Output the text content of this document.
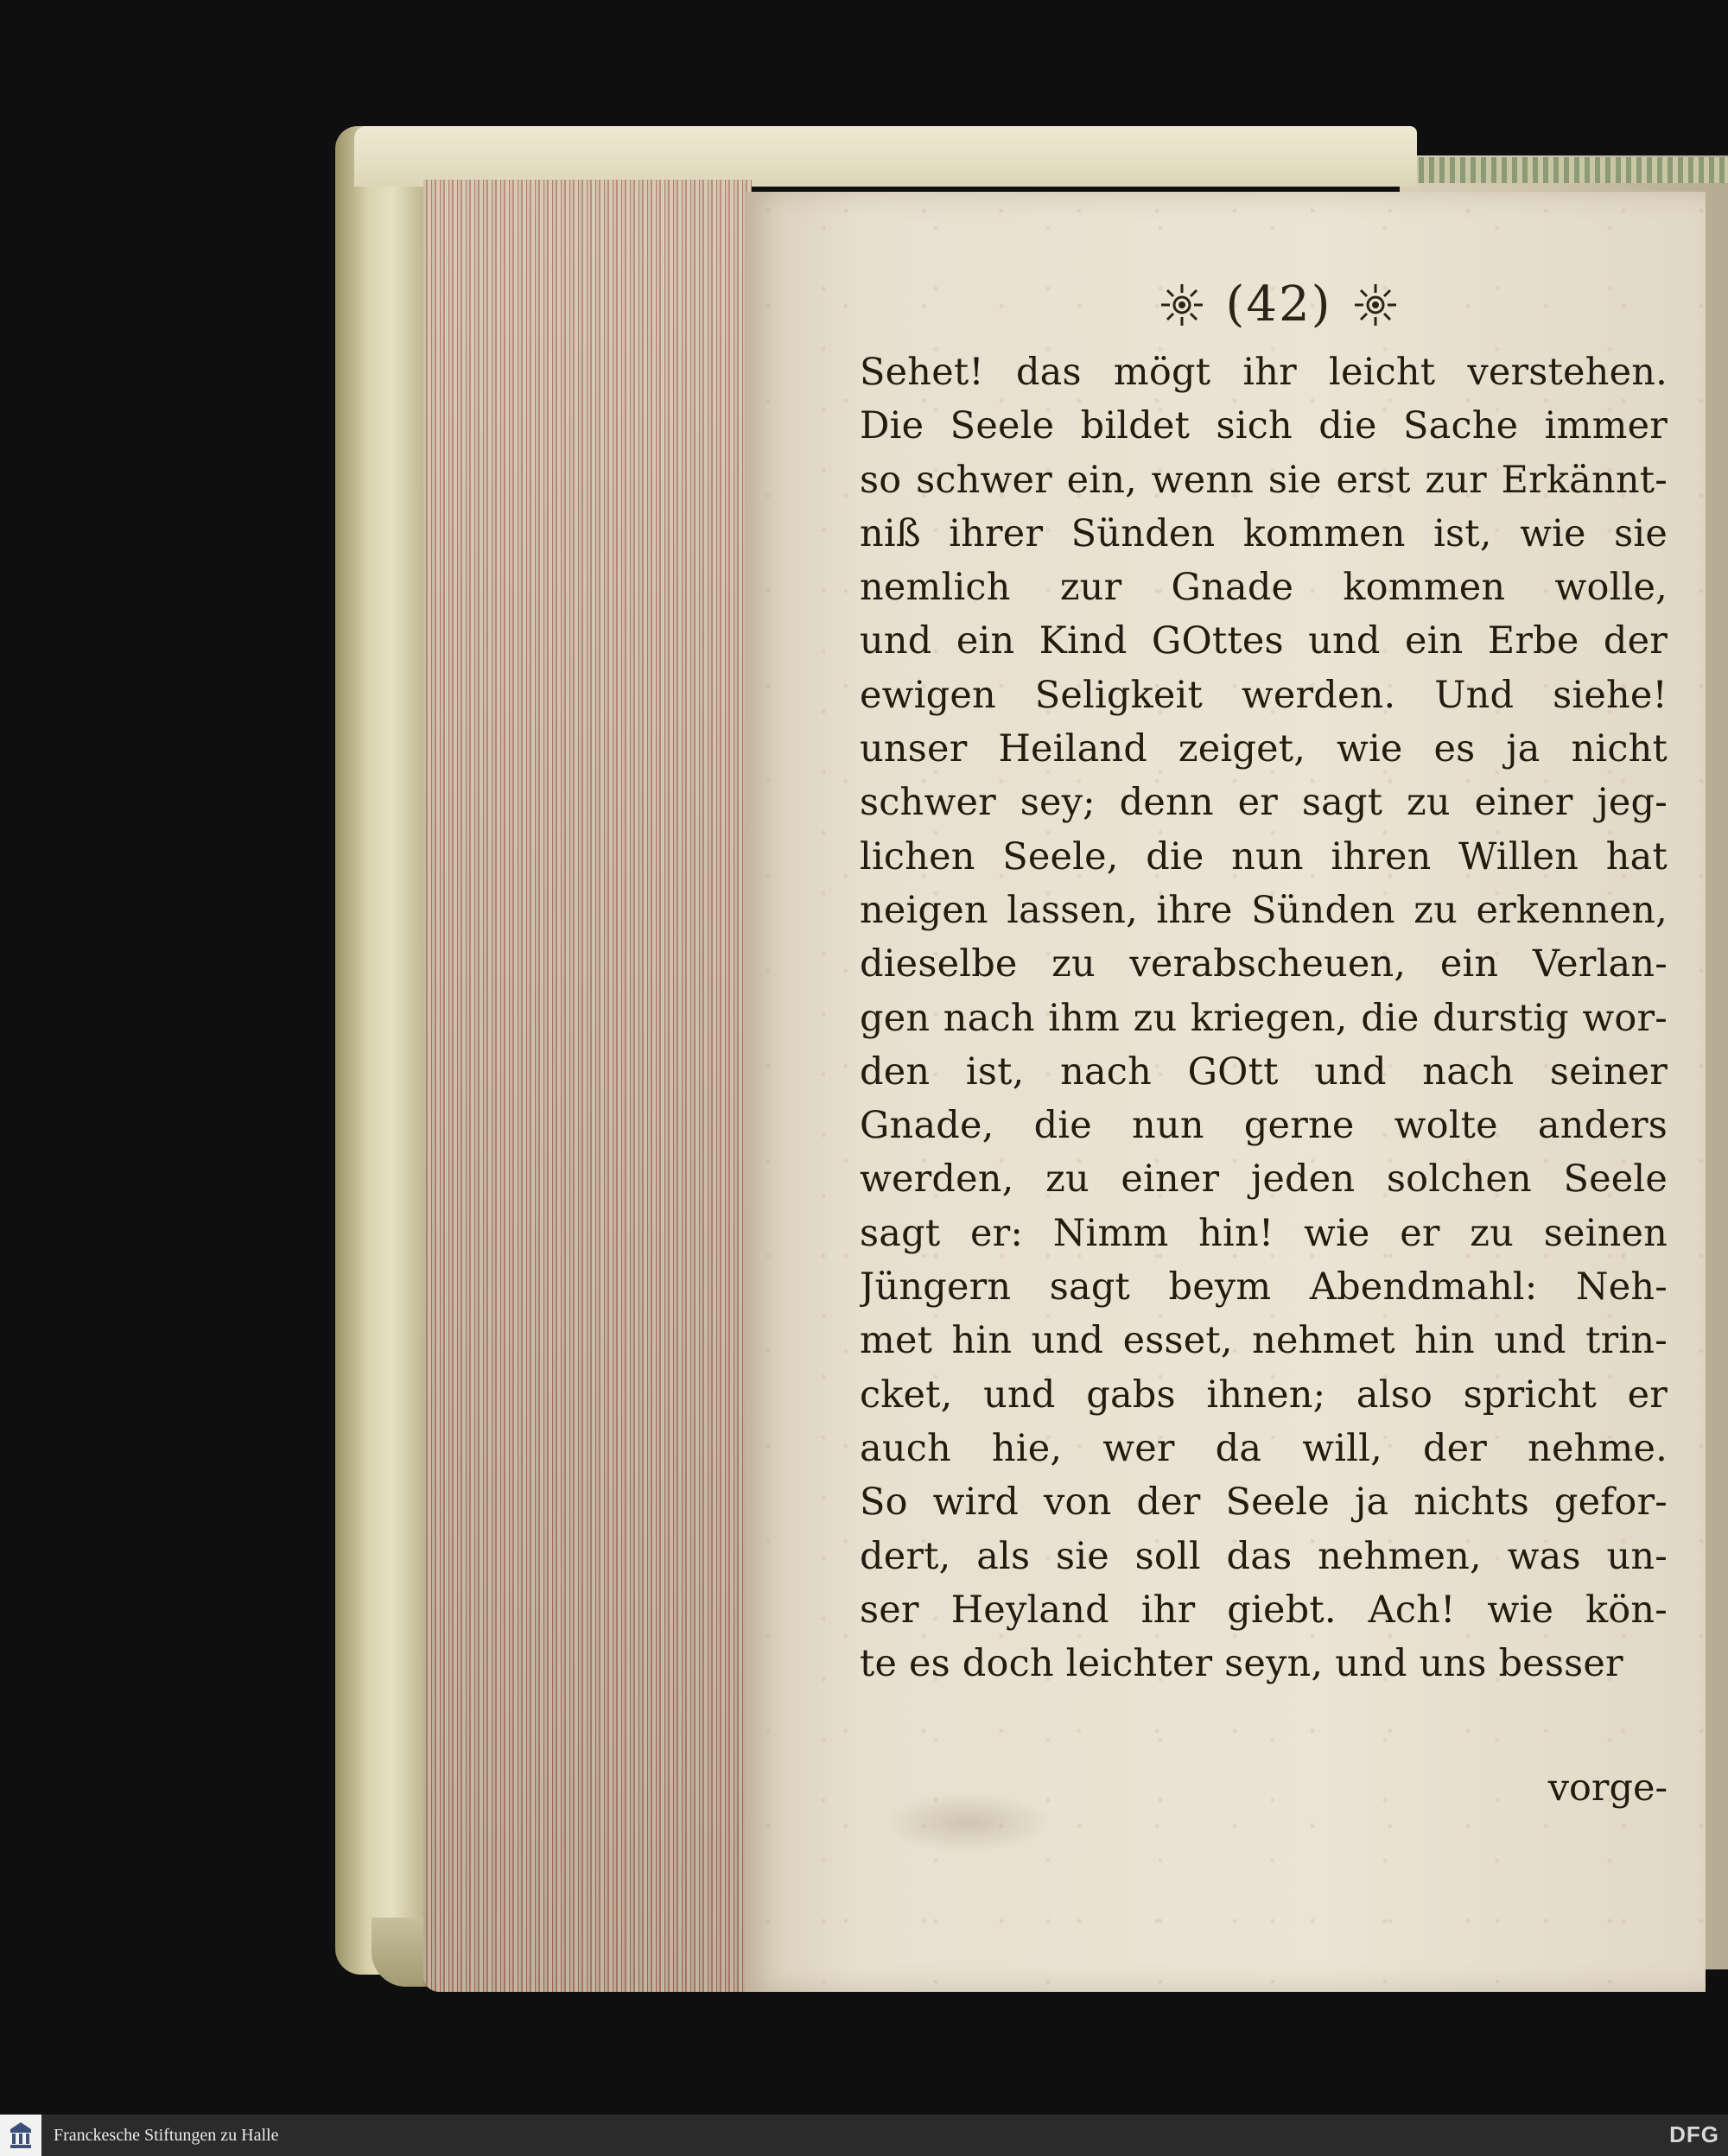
(42)
Sehet! das mögt ihr leicht verstehen.
Die Seele bildet sich die Sache immer
so schwer ein, wenn sie erst zur Erkännt-
niß ihrer Sünden kommen ist, wie sie
nemlich zur Gnade kommen wolle,
und ein Kind GOttes und ein Erbe der
ewigen Seligkeit werden. Und siehe!
unser Heiland zeiget, wie es ja nicht
schwer sey; denn er sagt zu einer jeg-
lichen Seele, die nun ihren Willen hat
neigen lassen, ihre Sünden zu erkennen,
dieselbe zu verabscheuen, ein Verlan-
gen nach ihm zu kriegen, die durstig wor-
den ist, nach GOtt und nach seiner
Gnade, die nun gerne wolte anders
werden, zu einer jeden solchen Seele
sagt er: Nimm hin! wie er zu seinen
Jüngern sagt beym Abendmahl: Neh-
met hin und esset, nehmet hin und trin-
cket, und gabs ihnen; also spricht er
auch hie, wer da will, der nehme.
So wird von der Seele ja nichts gefor-
dert, als sie soll das nehmen, was un-
ser Heyland ihr giebt. Ach! wie kön-
te es doch leichter seyn, und uns besser
vorge-
Franckesche Stiftungen zu Halle	DFG
